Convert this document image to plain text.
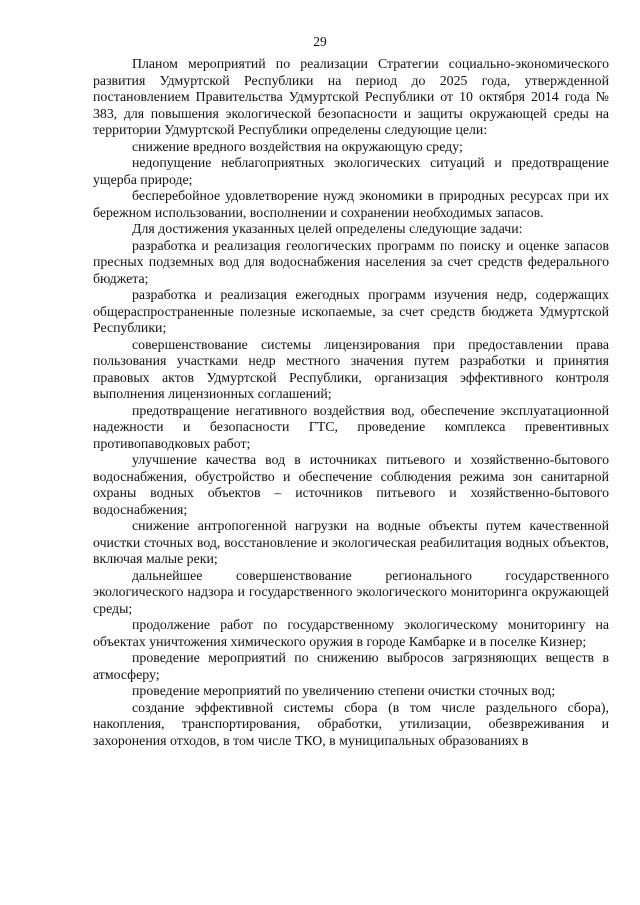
29

Планом мероприятий по реализации Стратегии социально-экономического развития Удмуртской Республики на период до 2025 года, утвержденной постановлением Правительства Удмуртской Республики от 10 октября 2014 года № 383, для повышения экологической безопасности и защиты окружающей среды на территории Удмуртской Республики определены следующие цели:

снижение вредного воздействия на окружающую среду;

недопущение неблагоприятных экологических ситуаций и предотвращение ущерба природе;

бесперебойное удовлетворение нужд экономики в природных ресурсах при их бережном использовании, восполнении и сохранении необходимых запасов.

Для достижения указанных целей определены следующие задачи:

разработка и реализация геологических программ по поиску и оценке запасов пресных подземных вод для водоснабжения населения за счет средств федерального бюджета;

разработка и реализация ежегодных программ изучения недр, содержащих общераспространенные полезные ископаемые, за счет средств бюджета Удмуртской Республики;

совершенствование системы лицензирования при предоставлении права пользования участками недр местного значения путем разработки и принятия правовых актов Удмуртской Республики, организация эффективного контроля выполнения лицензионных соглашений;

предотвращение негативного воздействия вод, обеспечение эксплуатационной надежности и безопасности ГТС, проведение комплекса превентивных противопаводковых работ;

улучшение качества вод в источниках питьевого и хозяйственно-бытового водоснабжения, обустройство и обеспечение соблюдения режима зон санитарной охраны водных объектов – источников питьевого и хозяйственно-бытового водоснабжения;

снижение антропогенной нагрузки на водные объекты путем качественной очистки сточных вод, восстановление и экологическая реабилитация водных объектов, включая малые реки;

дальнейшее совершенствование регионального государственного экологического надзора и государственного экологического мониторинга окружающей среды;

продолжение работ по государственному экологическому мониторингу на объектах уничтожения химического оружия в городе Камбарке и в поселке Кизнер;

проведение мероприятий по снижению выбросов загрязняющих веществ в атмосферу;

проведение мероприятий по увеличению степени очистки сточных вод;

создание эффективной системы сбора (в том числе раздельного сбора), накопления, транспортирования, обработки, утилизации, обезвреживания и захоронения отходов, в том числе ТКО, в муниципальных образованиях в
